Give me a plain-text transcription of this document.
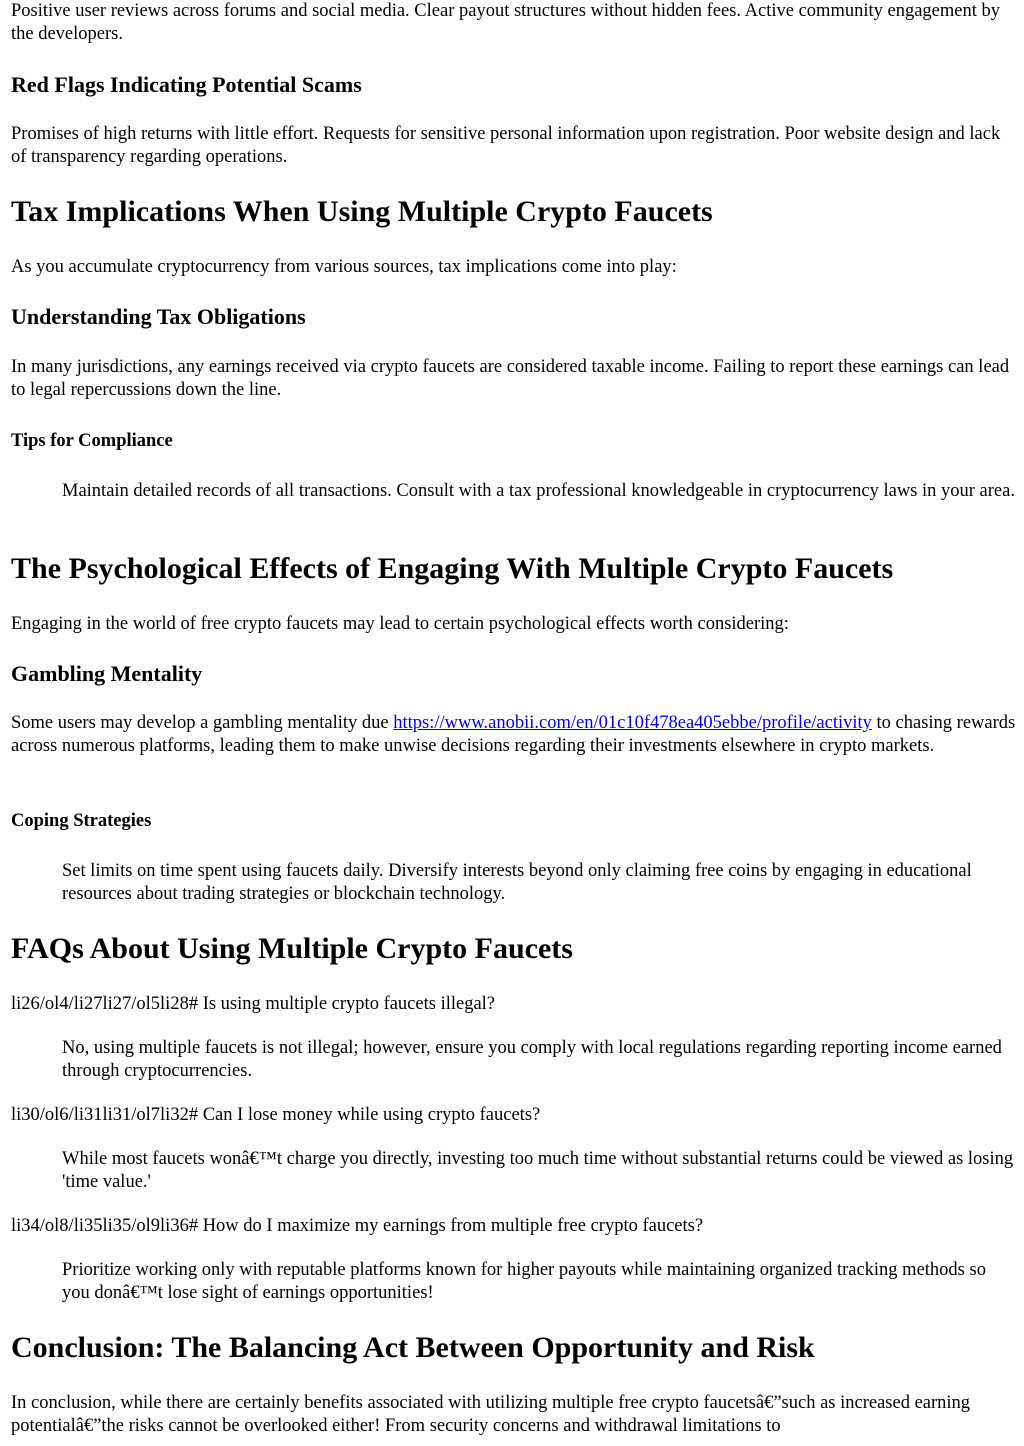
Positive user reviews across forums and social media. Clear payout structures without hidden fees. Active community engagement by the developers.

Red Flags Indicating Potential Scams

Promises of high returns with little effort. Requests for sensitive personal information upon registration. Poor website design and lack of transparency regarding operations.

Tax Implications When Using Multiple Crypto Faucets

As you accumulate cryptocurrency from various sources, tax implications come into play:

Understanding Tax Obligations

In many jurisdictions, any earnings received via crypto faucets are considered taxable income. Failing to report these earnings can lead to legal repercussions down the line.

Tips for Compliance

Maintain detailed records of all transactions. Consult with a tax professional knowledgeable in cryptocurrency laws in your area.

The Psychological Effects of Engaging With Multiple Crypto Faucets

Engaging in the world of free crypto faucets may lead to certain psychological effects worth considering:

Gambling Mentality

Some users may develop a gambling mentality due https://www.anobii.com/en/01c10f478ea405ebbe/profile/activity to chasing rewards across numerous platforms, leading them to make unwise decisions regarding their investments elsewhere in crypto markets.

Coping Strategies

Set limits on time spent using faucets daily. Diversify interests beyond only claiming free coins by engaging in educational resources about trading strategies or blockchain technology.

FAQs About Using Multiple Crypto Faucets
li26/ol4/li27li27/ol5li28# Is using multiple crypto faucets illegal?
No, using multiple faucets is not illegal; however, ensure you comply with local regulations regarding reporting income earned through cryptocurrencies.
li30/ol6/li31li31/ol7li32# Can I lose money while using crypto faucets?
While most faucets wonâ€™t charge you directly, investing too much time without substantial returns could be viewed as losing 'time value.'
li34/ol8/li35li35/ol9li36# How do I maximize my earnings from multiple free crypto faucets?
Prioritize working only with reputable platforms known for higher payouts while maintaining organized tracking methods so you donâ€™t lose sight of earnings opportunities!
Conclusion: The Balancing Act Between Opportunity and Risk

In conclusion, while there are certainly benefits associated with utilizing multiple free crypto faucetsâ€”such as increased earning potentialâ€”the risks cannot be overlooked either! From security concerns and withdrawal limitations to
